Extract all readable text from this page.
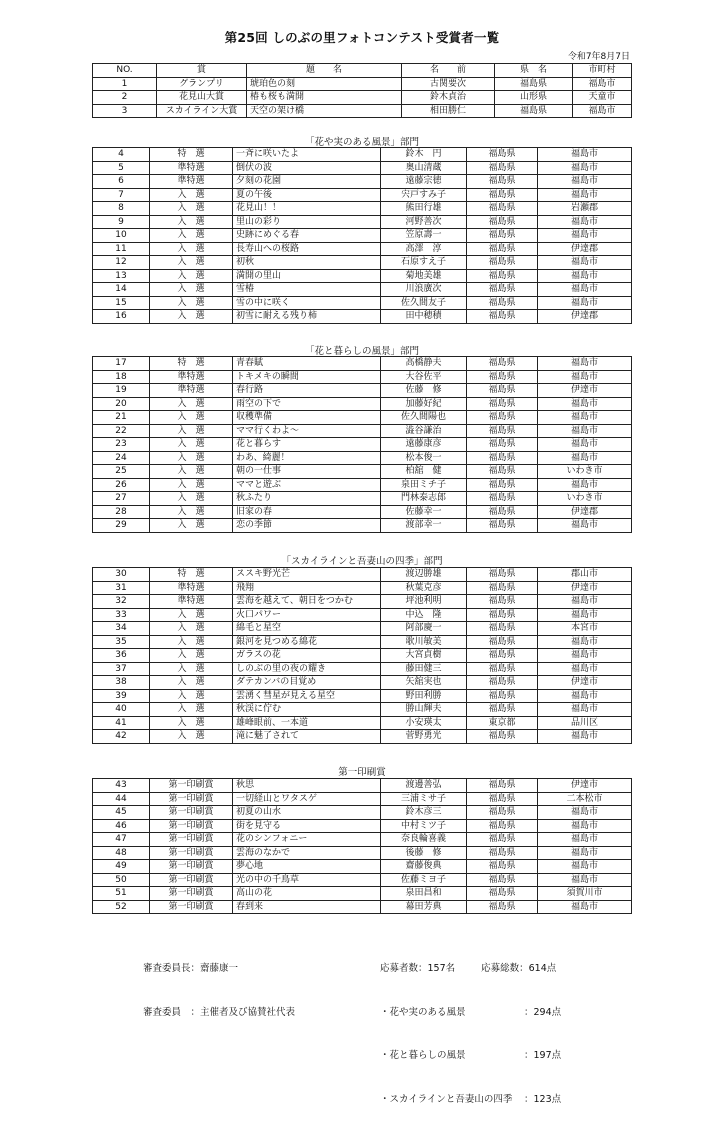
第25回 しのぶの里フォトコンテスト受賞者一覧
令和7年8月7日
NO.	賞	題　　名	名　　前	県　名	市町村
1	グランプリ	琥珀色の刻	古関要次	福島県	福島市
2	花見山大賞	椿も桜も満開	鈴木貞治	山形県	天童市
3	スカイライン大賞	天空の架け橋	相田勝仁	福島県	福島市
「花や実のある風景」部門
4	特　選	一斉に咲いたよ	鈴木　円	福島県	福島市
5	準特選	倒伏の波	奥山清蔵	福島県	福島市
6	準特選	夕刻の花園	遠藤宗徳	福島県	福島市
7	入　選	夏の午後	宍戸すみ子	福島県	福島市
8	入　選	花見山！！	熊田行雄	福島県	岩瀬郡
9	入　選	里山の彩り	河野善次	福島県	福島市
10	入　選	史跡にめぐる春	笠原壽一	福島県	福島市
11	入　選	長寿山への桜路	高澤　淳	福島県	伊達郡
12	入　選	初秋	石原すえ子	福島県	福島市
13	入　選	満開の里山	菊地美雄	福島県	福島市
14	入　選	雪椿	川浪廣次	福島県	福島市
15	入　選	雪の中に咲く	佐久間友子	福島県	福島市
16	入　選	初雪に耐える残り柿	田中穂積	福島県	伊達郡
「花と暮らしの風景」部門
17	特　選	青春賦	高橋静夫	福島県	福島市
18	準特選	トキメキの瞬間	大谷佐平	福島県	福島市
19	準特選	春行路	佐藤　修	福島県	伊達市
20	入　選	雨空の下で	加藤好紀	福島県	福島市
21	入　選	収穫準備	佐久間陽也	福島県	福島市
22	入　選	ママ行くわよ～	澁谷謙治	福島県	福島市
23	入　選	花と暮らす	遠藤康彦	福島県	福島市
24	入　選	わあ、綺麗！	松本俊一	福島県	福島市
25	入　選	朝の一仕事	柏舘　健	福島県	いわき市
26	入　選	ママと遊ぶ	泉田ミチ子	福島県	福島市
27	入　選	秋ふたり	門林泰志郎	福島県	いわき市
28	入　選	旧家の春	佐藤幸一	福島県	伊達郡
29	入　選	恋の季節	渡部幸一	福島県	福島市
「スカイラインと吾妻山の四季」部門
30	特　選	ススキ野光芒	渡辺勝雄	福島県	郡山市
31	準特選	飛翔	秋葉克彦	福島県	伊達市
32	準特選	雲海を越えて、朝日をつかむ	坪池利明	福島県	福島市
33	入　選	火口パワー	中込　隆	福島県	福島市
34	入　選	綿毛と星空	阿部慶一	福島県	本宮市
35	入　選	銀河を見つめる綿花	歌川敏美	福島県	福島市
36	入　選	ガラスの花	大宮貞樹	福島県	福島市
37	入　選	しのぶの里の夜の耀き	藤田健三	福島県	福島市
38	入　選	ダテカンバの目覚め	矢舘実也	福島県	伊達市
39	入　選	雲湧く彗星が見える星空	野田利勝	福島県	福島市
40	入　選	秋渓に佇む	勝山輝夫	福島県	福島市
41	入　選	雄峰眼前、一本道	小安瑛太	東京都	品川区
42	入　選	滝に魅了されて	菅野勇光	福島県	福島市
第一印刷賞
43	第一印刷賞	秋思	渡邊善弘	福島県	伊達市
44	第一印刷賞	一切経山とワタスゲ	三浦ミサ子	福島県	二本松市
45	第一印刷賞	初夏の山水	鈴木彦三	福島県	福島市
46	第一印刷賞	街を見守る	中村ミツ子	福島県	福島市
47	第一印刷賞	花のシンフォニー	奈良輪喜義	福島県	福島市
48	第一印刷賞	雲海のなかで	後藤　修	福島県	福島市
49	第一印刷賞	夢心地	齋藤俊典	福島県	福島市
50	第一印刷賞	光の中の千鳥草	佐藤ミヨ子	福島県	福島市
51	第一印刷賞	高山の花	泉田昌和	福島県	須賀川市
52	第一印刷賞	春到来	幕田芳典	福島県	福島市

審査委員長：齋藤康一

審査委員　：主催者及び協賛社代表

応募者数：157名	応募総数：614点

・花や実のある風景	：294点

・花と暮らしの風景	：197点

・スカイラインと吾妻山の四季 ：123点
